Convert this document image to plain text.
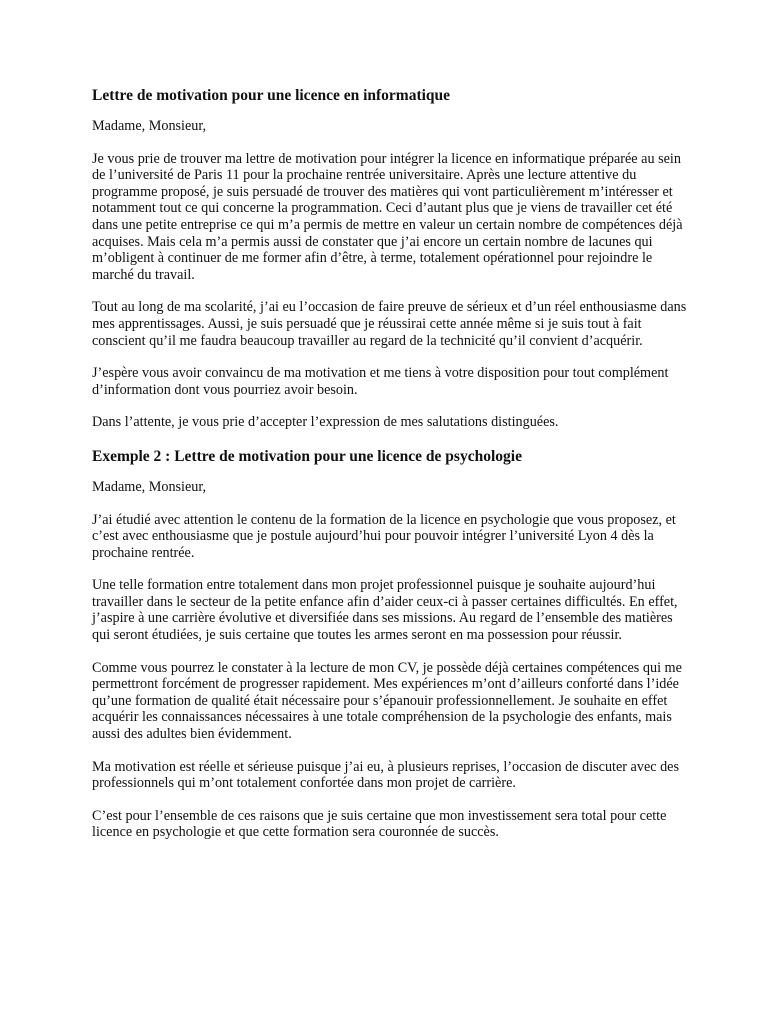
Lettre de motivation pour une licence en informatique
Madame, Monsieur,
Je vous prie de trouver ma lettre de motivation pour intégrer la licence en informatique préparée au sein de l’université de Paris 11 pour la prochaine rentrée universitaire. Après une lecture attentive du programme proposé, je suis persuadé de trouver des matières qui vont particulièrement m’intéresser et notamment tout ce qui concerne la programmation. Ceci d’autant plus que je viens de travailler cet été dans une petite entreprise ce qui m’a permis de mettre en valeur un certain nombre de compétences déjà acquises. Mais cela m’a permis aussi de constater que j’ai encore un certain nombre de lacunes qui m’obligent à continuer de me former afin d’être, à terme, totalement opérationnel pour rejoindre le marché du travail.
Tout au long de ma scolarité, j’ai eu l’occasion de faire preuve de sérieux et d’un réel enthousiasme dans mes apprentissages. Aussi, je suis persuadé que je réussirai cette année même si je suis tout à fait conscient qu’il me faudra beaucoup travailler au regard de la technicité qu’il convient d’acquérir.
J’espère vous avoir convaincu de ma motivation et me tiens à votre disposition pour tout complément d’information dont vous pourriez avoir besoin.
Dans l’attente, je vous prie d’accepter l’expression de mes salutations distinguées.
Exemple 2 : Lettre de motivation pour une licence de psychologie
Madame, Monsieur,
J’ai étudié avec attention le contenu de la formation de la licence en psychologie que vous proposez, et c’est avec enthousiasme que je postule aujourd’hui pour pouvoir intégrer l’université Lyon 4 dès la prochaine rentrée.
Une telle formation entre totalement dans mon projet professionnel puisque je souhaite aujourd’hui travailler dans le secteur de la petite enfance afin d’aider ceux-ci à passer certaines difficultés. En effet, j’aspire à une carrière évolutive et diversifiée dans ses missions. Au regard de l’ensemble des matières qui seront étudiées, je suis certaine que toutes les armes seront en ma possession pour réussir.
Comme vous pourrez le constater à la lecture de mon CV, je possède déjà certaines compétences qui me permettront forcément de progresser rapidement. Mes expériences m’ont d’ailleurs conforté dans l’idée qu’une formation de qualité était nécessaire pour s’épanouir professionnellement. Je souhaite en effet acquérir les connaissances nécessaires à une totale compréhension de la psychologie des enfants, mais aussi des adultes bien évidemment.
Ma motivation est réelle et sérieuse puisque j’ai eu, à plusieurs reprises, l’occasion de discuter avec des professionnels qui m’ont totalement confortée dans mon projet de carrière.
C’est pour l’ensemble de ces raisons que je suis certaine que mon investissement sera total pour cette licence en psychologie et que cette formation sera couronnée de succès.
